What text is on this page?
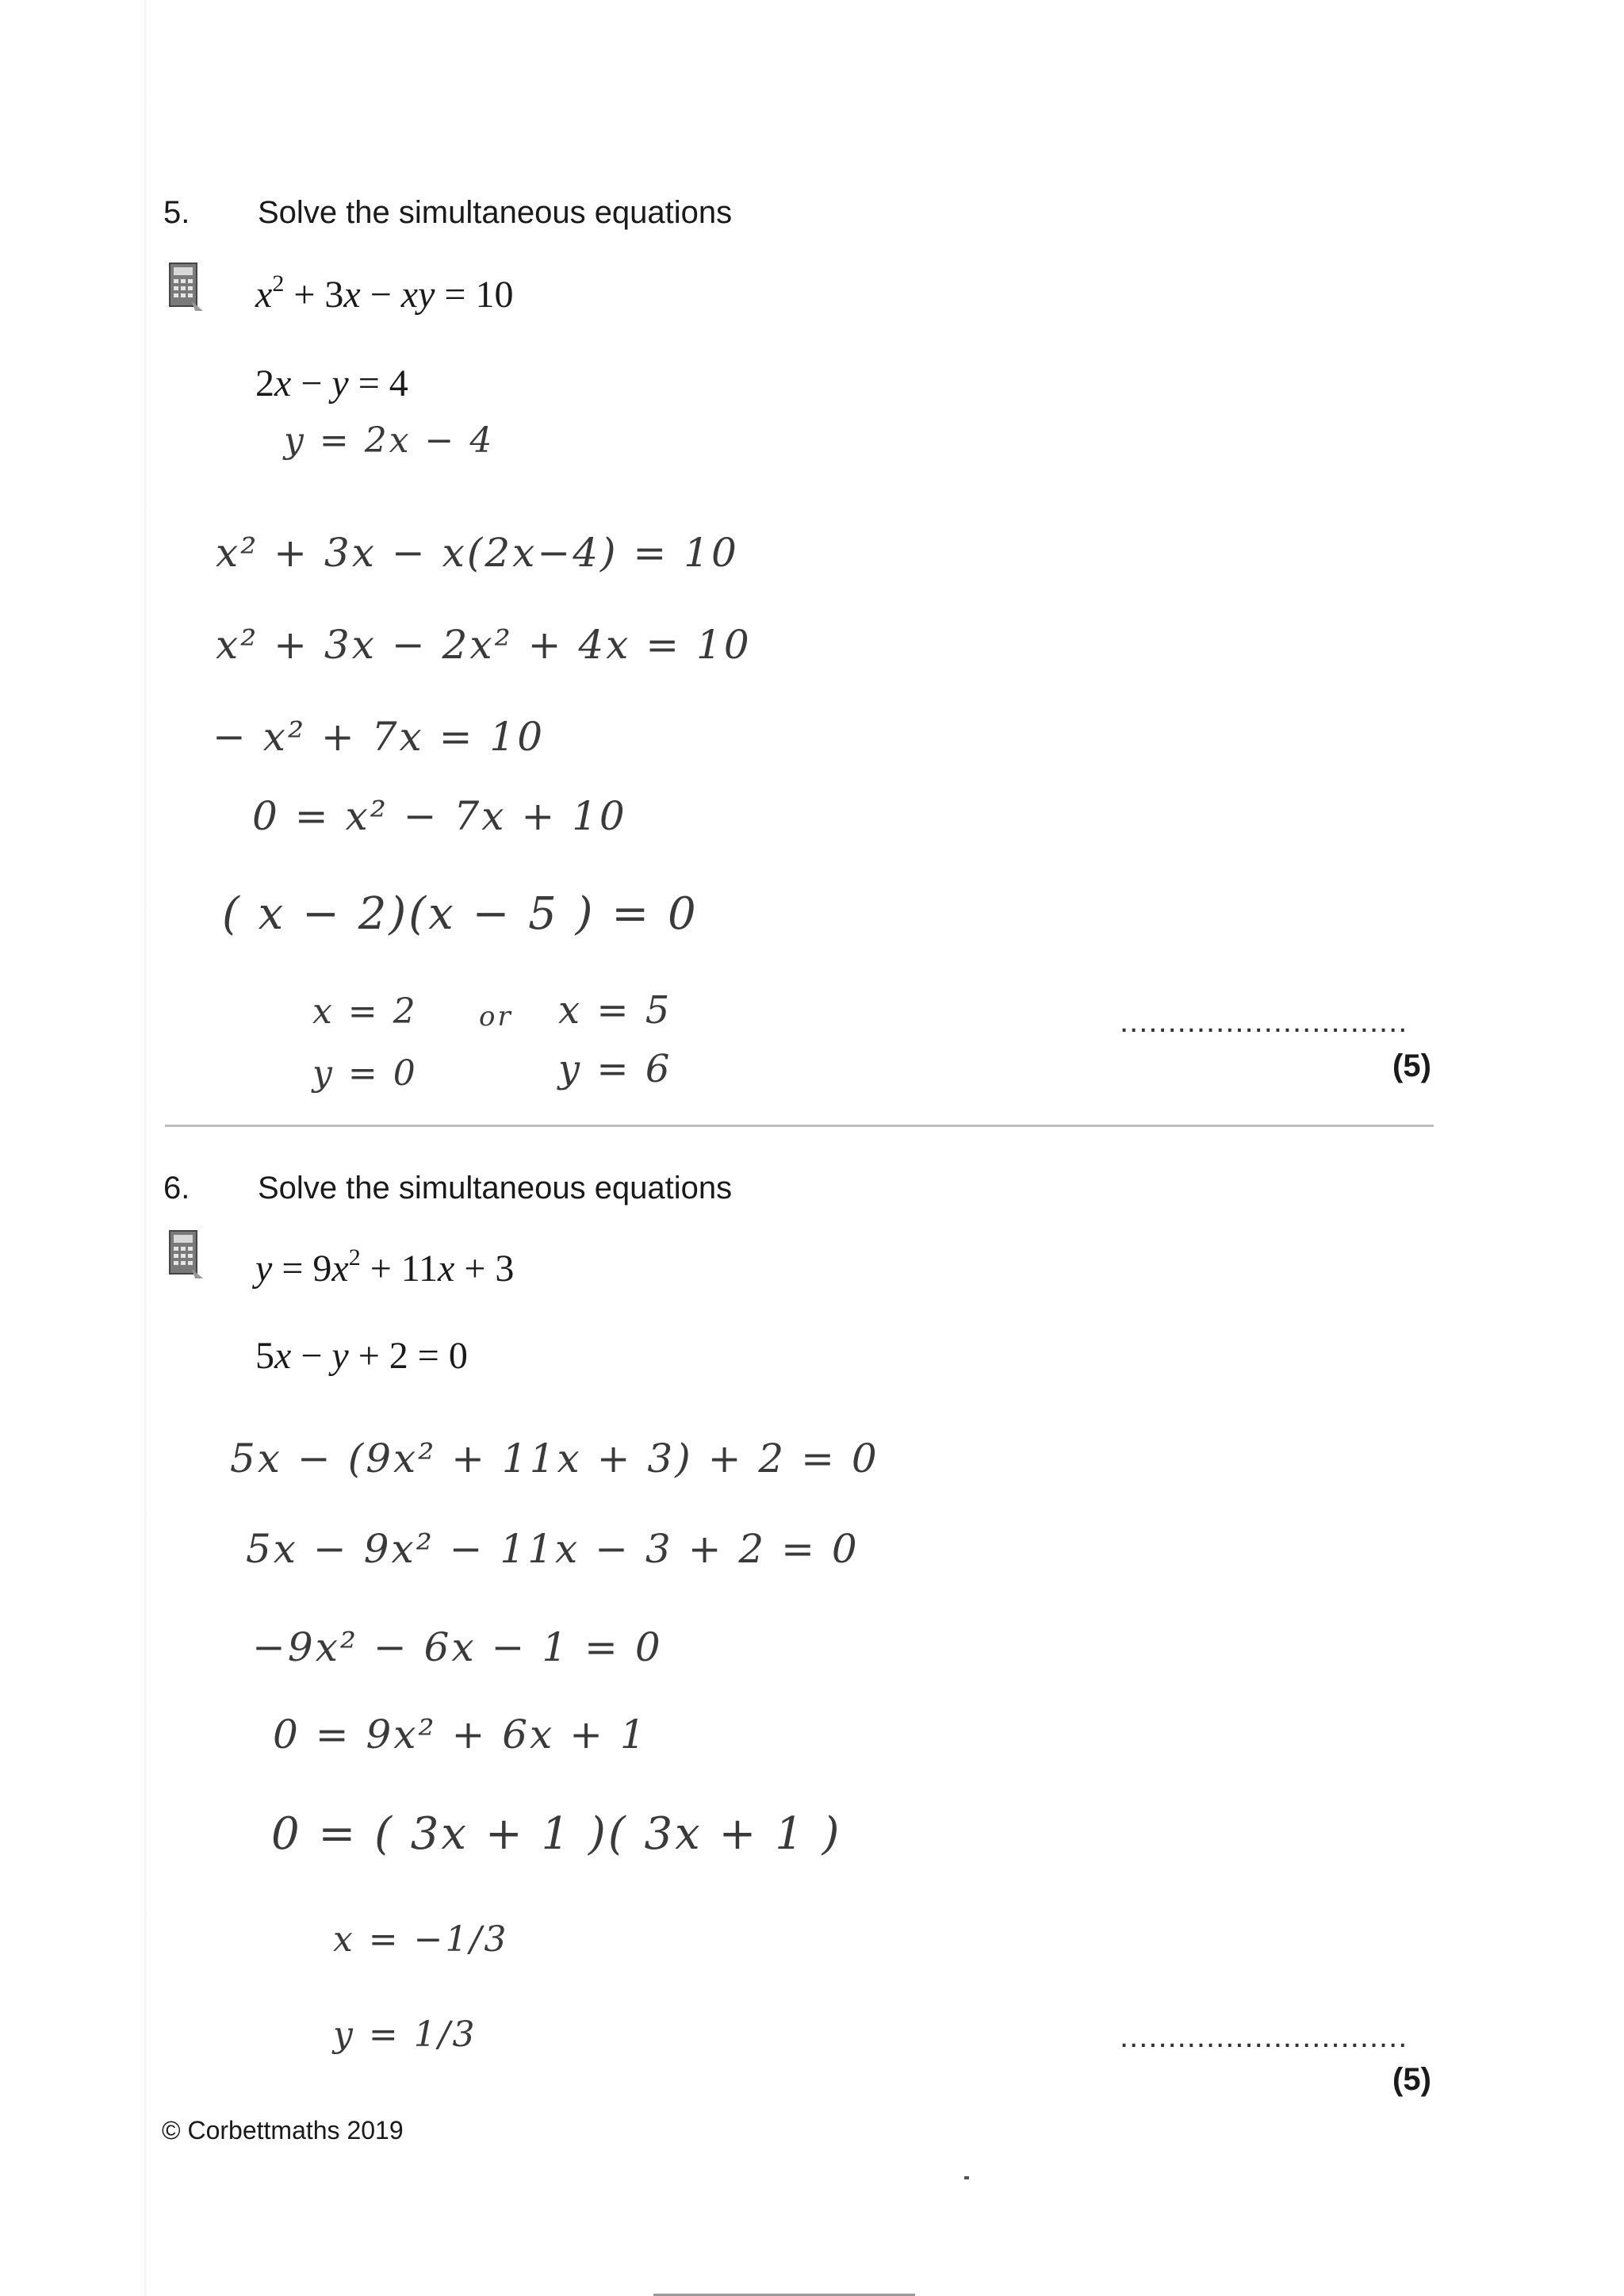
5. Solve the simultaneous equations
$x^2 + 3x$ − xy = 10
2x − y = 4
y = 2x − 4
x² + 3x − x(2x−4) = 10
x² + 3x − 2x² + 4x = 10
− x² + 7x = 10
0 = x² − 7x + 10
( x − 2)(x − 5 ) = 0
x = 2 or x = 5
y = 0	y = 6
..............................
(5)
6. Solve the simultaneous equations
$y = 9x^2 + 11x + 3$
5x − y + 2 = 0
5x − (9x² + 11x + 3) + 2 = 0
5x − 9x² − 11x − 3 + 2 = 0
−9x² − 6x − 1 = 0
0 = 9x² + 6x + 1
0 = ( 3x + 1 )( 3x + 1 )
x = −1/3
y = 1/3	..............................
(5)
© Corbettmaths 2019
